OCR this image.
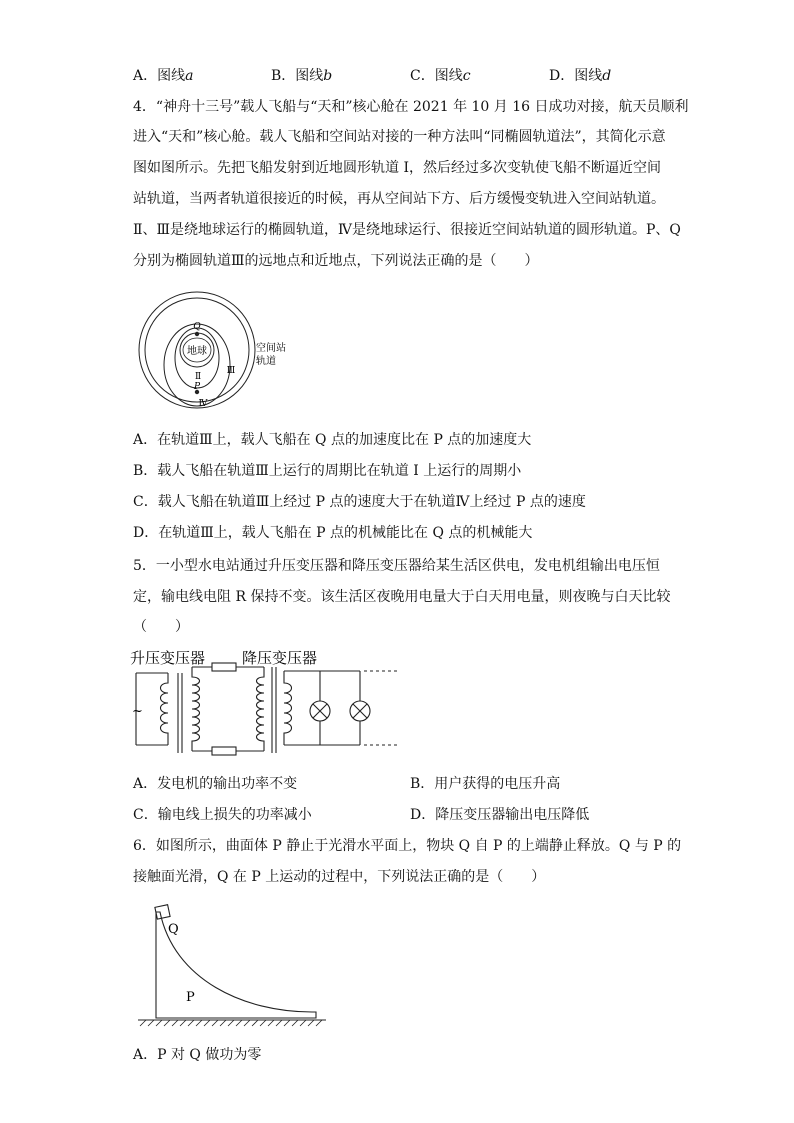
A．图线a	B．图线b	C．图线c	D．图线d
4．“神舟十三号”载人飞船与“天和”核心舱在 2021 年 10 月 16 日成功对接，航天员顺利
进入“天和”核心舱。载人飞船和空间站对接的一种方法叫“同椭圆轨道法”，其简化示意
图如图所示。先把飞船发射到近地圆形轨道 I，然后经过多次变轨使飞船不断逼近空间
站轨道，当两者轨道很接近的时候，再从空间站下方、后方缓慢变轨进入空间站轨道。
Ⅱ、Ⅲ是绕地球运行的椭圆轨道，Ⅳ是绕地球运行、很接近空间站轨道的圆形轨道。P、Q
分别为椭圆轨道Ⅲ的远地点和近地点，下列说法正确的是（　　）
地球
Q
P
Ⅱ
Ⅲ
Ⅳ
空间站
轨道
A．在轨道Ⅲ上，载人飞船在 Q 点的加速度比在 P 点的加速度大
B．载人飞船在轨道Ⅲ上运行的周期比在轨道 I 上运行的周期小
C．载人飞船在轨道Ⅲ上经过 P 点的速度大于在轨道Ⅳ上经过 P 点的速度
D．在轨道Ⅲ上，载人飞船在 P 点的机械能比在 Q 点的机械能大
5．一小型水电站通过升压变压器和降压变压器给某生活区供电，发电机组输出电压恒
定，输电线电阻 R 保持不变。该生活区夜晚用电量大于白天用电量，则夜晚与白天比较
（　　）
升压变压器 降压变压器
~
A．发电机的输出功率不变	B．用户获得的电压升高
C．输电线上损失的功率减小	D．降压变压器输出电压降低
6．如图所示，曲面体 P 静止于光滑水平面上，物块 Q 自 P 的上端静止释放。Q 与 P 的
接触面光滑，Q 在 P 上运动的过程中，下列说法正确的是（　　）
Q
P
A．P 对 Q 做功为零
